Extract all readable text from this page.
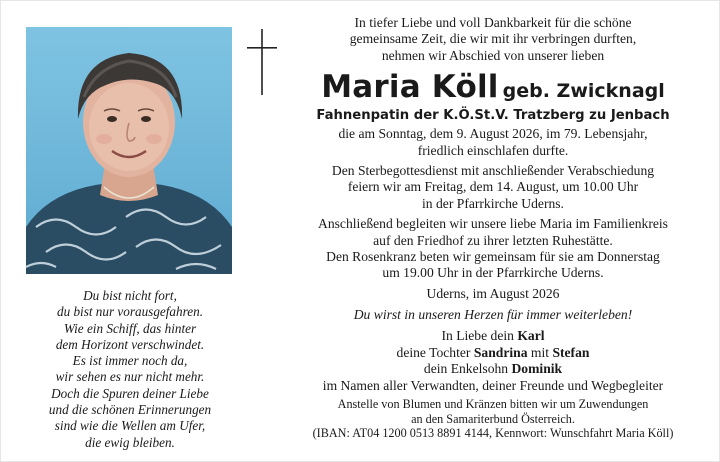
Du bist nicht fort,
du bist nur vorausgefahren.
Wie ein Schiff, das hinter
dem Horizont verschwindet.
Es ist immer noch da,
wir sehen es nur nicht mehr.
Doch die Spuren deiner Liebe
und die schönen Erinnerungen
sind wie die Wellen am Ufer,
die ewig bleiben.
In tiefer Liebe und voll Dankbarkeit für die schöne
gemeinsame Zeit, die wir mit ihr verbringen durften,
nehmen wir Abschied von unserer lieben
Maria Köll geb. Zwicknagl
Fahnenpatin der K.Ö.St.V. Tratzberg zu Jenbach
die am Sonntag, dem 9. August 2026, im 79. Lebensjahr,
friedlich einschlafen durfte.
Den Sterbegottesdienst mit anschließender Verabschiedung
feiern wir am Freitag, dem 14. August, um 10.00 Uhr
in der Pfarrkirche Uderns.
Anschließend begleiten wir unsere liebe Maria im Familienkreis
auf den Friedhof zu ihrer letzten Ruhestätte.
Den Rosenkranz beten wir gemeinsam für sie am Donnerstag
um 19.00 Uhr in der Pfarrkirche Uderns.
Uderns, im August 2026
Du wirst in unseren Herzen für immer weiterleben!
In Liebe dein Karl
deine Tochter Sandrina mit Stefan
dein Enkelsohn Dominik
im Namen aller Verwandten, deiner Freunde und Wegbegleiter
Anstelle von Blumen und Kränzen bitten wir um Zuwendungen
an den Samariterbund Österreich.
(IBAN: AT04 1200 0513 8891 4144, Kennwort: Wunschfahrt Maria Köll)
